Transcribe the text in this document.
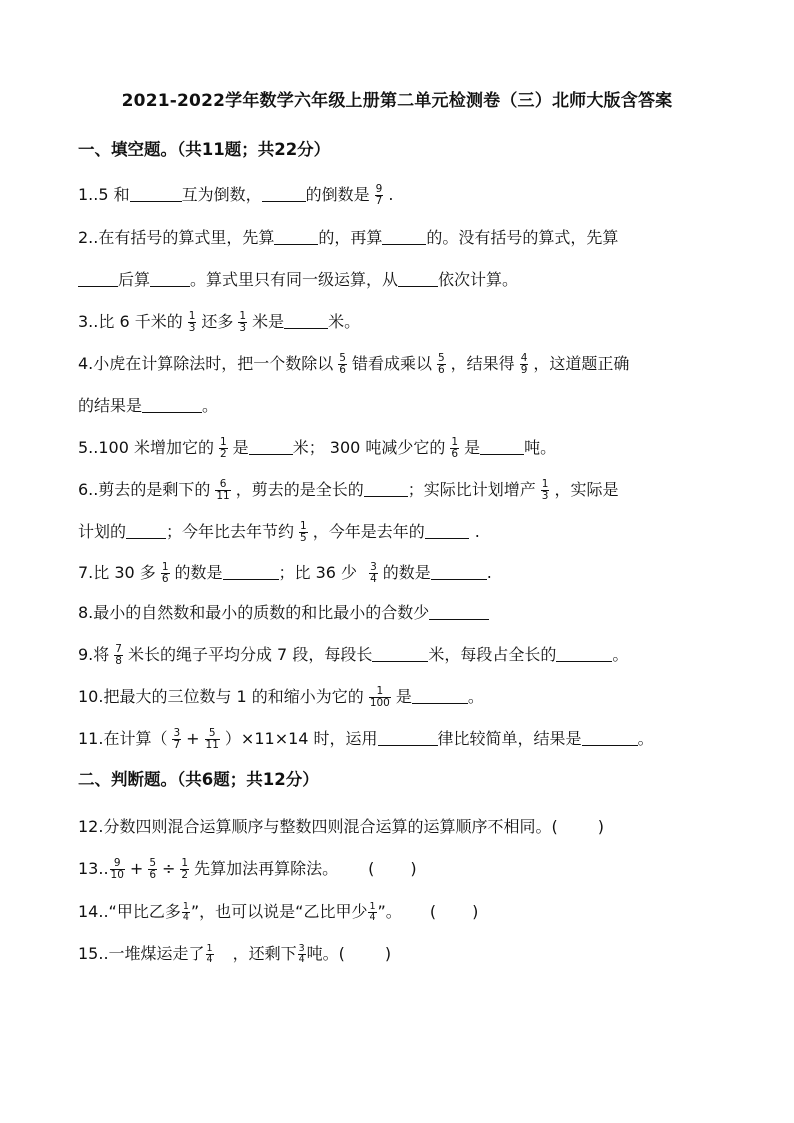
2021-2022学年数学六年级上册第二单元检测卷（三）北师大版含答案
一、填空题。（共11题；共22分）
1..5 和	互为倒数，	的倒数是 $\frac{9}{7}$ .
2..在有括号的算式里，先算	的，再算	的。没有括号的算式，先算
后算	。算式里只有同一级运算，从	依次计算。
3..比 6 千米的 $\frac{1}{3}$ 还多 $\frac{1}{3}$ 米是	米。
4.小虎在计算除法时，把一个数除以 $\frac{5}{6}$ 错看成乘以 $\frac{5}{6}$ ，结果得 $\frac{4}{9}$ ，这道题正确
的结果是	。
5..100 米增加它的 $\frac{1}{2}$ 是	米； 300 吨减少它的 $\frac{1}{6}$ 是	吨。
6..剪去的是剩下的 $\frac{6}{11}$ ，剪去的是全长的	；实际比计划增产 $\frac{1}{3}$ ，实际是
计划的	；今年比去年节约 $\frac{1}{5}$ ，今年是去年的	.
7.比 30 多 $\frac{1}{6}$ 的数是	；比 36 少 $\frac{3}{4}$ 的数是	.
8.最小的自然数和最小的质数的和比最小的合数少
9.将 $\frac{7}{8}$ 米长的绳子平均分成 7 段，每段长	米，每段占全长的	。
10.把最大的三位数与 1 的和缩小为它的 $\frac{1}{100}$ 是	。
11.在计算（ $\frac{3}{7} + \frac{5}{11} )\times 11\times 14$ 时，运用	律比较简单，结果是	。
二、判断题。（共6题；共12分）
12.分数四则混合运算顺序与整数四则混合运算的运算顺序不相同。(	)
13.. $\frac{9}{10} + \frac{5}{6} \div \frac{1}{2}$ 先算加法再算除法。 ( )
14..“甲比乙多 $\frac{1}{4}$ ”，也可以说是“乙比甲少 $\frac{1}{4}$ ”。 ( )
15..一堆煤运走了 $\frac{1}{4}$ ，还剩下 $\frac{3}{4}$ 吨。(	)
